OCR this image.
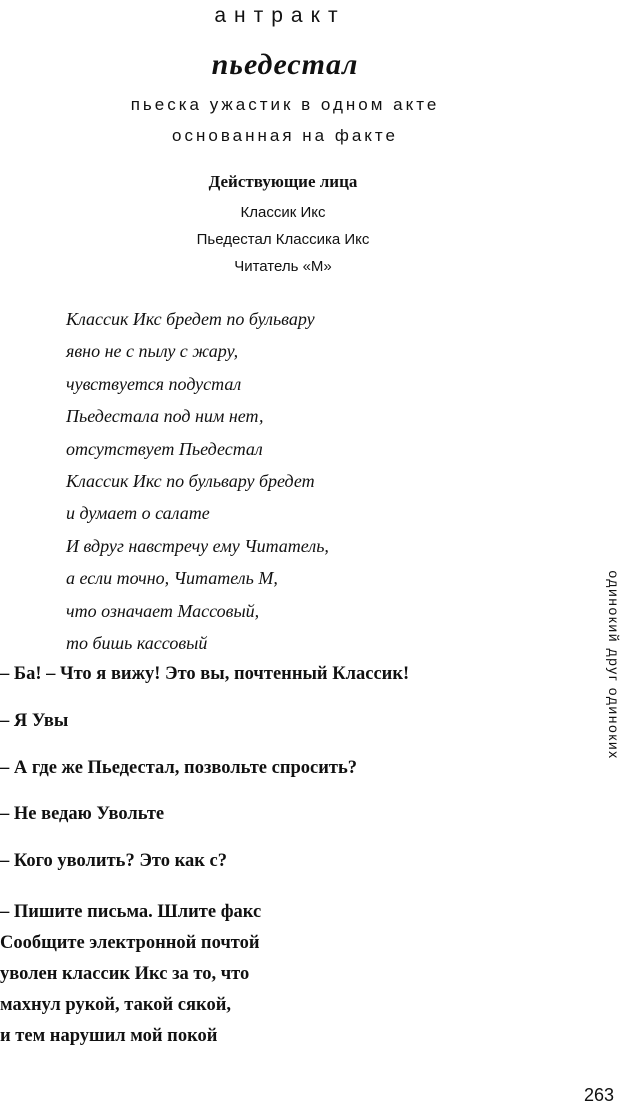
антракт
пьедестал
пьеска ужастик в одном акте
основанная на факте
Действующие лица
Классик Икс
Пьедестал Классика Икс
Читатель «М»
Классик Икс бредет по бульвару
явно не с пылу с жару,
чувствуется подустал
Пьедестала под ним нет,
отсутствует Пьедестал
Классик Икс по бульвару бредет
и думает о салате
И вдруг навстречу ему Читатель,
а если точно, Читатель М,
что означает Массовый,
то бишь кассовый

– Ба! – Что я вижу! Это вы, почтенный Классик!

– Я Увы

– А где же Пьедестал, позвольте спросить?

– Не ведаю Увольте

– Кого уволить? Это как с?

– Пишите письма. Шлите факс
Сообщите электронной почтой
уволен классик Икс за то, что
махнул рукой, такой сякой,
и тем нарушил мой покой
одинокий друг одиноких
263
